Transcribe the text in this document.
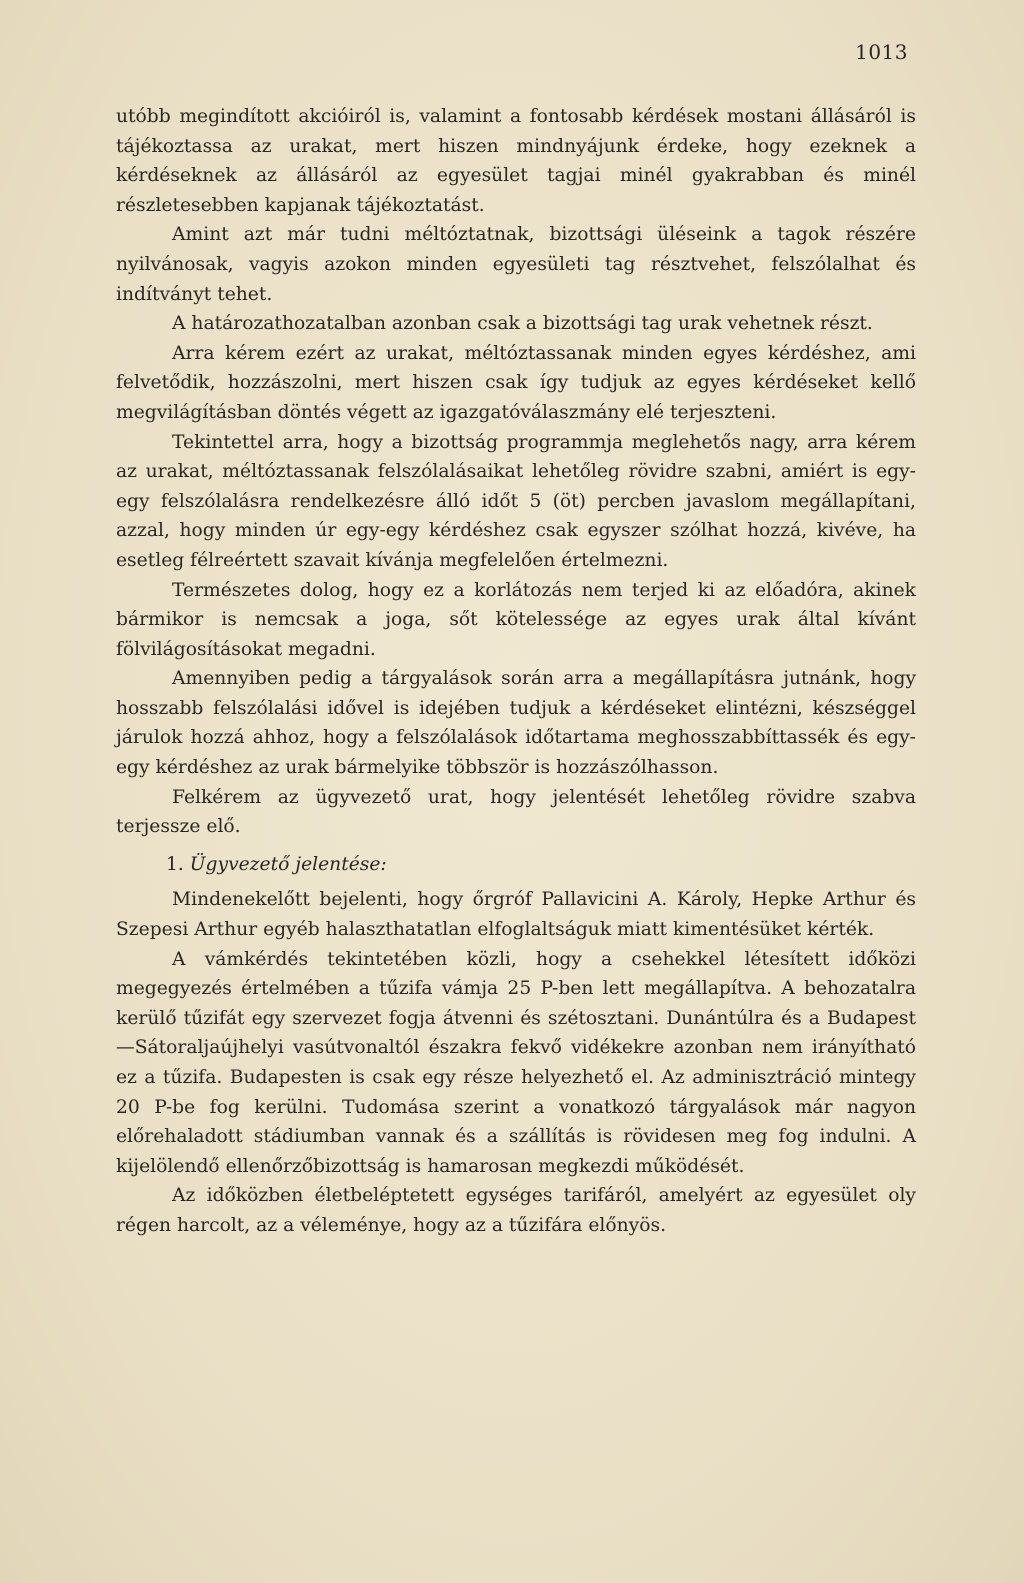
1013

utóbb megindított akcióiról is, valamint a fontosabb kérdések mostani állásáról is tájékoztassa az urakat, mert hiszen mindnyájunk érdeke, hogy ezeknek a kérdéseknek az állásáról az egyesület tagjai minél gyakrabban és minél részletesebben kapjanak tájékoztatást.

Amint azt már tudni méltóztatnak, bizottsági üléseink a tagok részére nyilvánosak, vagyis azokon minden egyesületi tag résztvehet, felszólalhat és indítványt tehet.

A határozathozatalban azonban csak a bizottsági tag urak vehetnek részt.

Arra kérem ezért az urakat, méltóztassanak minden egyes kérdéshez, ami felvetődik, hozzászolni, mert hiszen csak így tudjuk az egyes kérdéseket kellő megvilágításban döntés végett az igazgatóválaszmány elé terjeszteni.

Tekintettel arra, hogy a bizottság programmja meglehetős nagy, arra kérem az urakat, méltóztassanak felszólalásaikat lehetőleg rövidre szabni, amiért is egy-egy felszólalásra rendelkezésre álló időt 5 (öt) percben javaslom megállapítani, azzal, hogy minden úr egy-egy kérdéshez csak egyszer szólhat hozzá, kivéve, ha esetleg félreértett szavait kívánja megfelelően értelmezni.

Természetes dolog, hogy ez a korlátozás nem terjed ki az előadóra, akinek bármikor is nemcsak a joga, sőt kötelessége az egyes urak által kívánt fölvilágosításokat megadni.

Amennyiben pedig a tárgyalások során arra a megállapításra jutnánk, hogy hosszabb felszólalási idővel is idejében tudjuk a kérdéseket elintézni, készséggel járulok hozzá ahhoz, hogy a felszólalások időtartama meghosszabbíttassék és egy-egy kérdéshez az urak bármelyike többször is hozzászólhasson.

Felkérem az ügyvezető urat, hogy jelentését lehetőleg rövidre szabva terjessze elő.

1. Ügyvezető jelentése:

Mindenekelőtt bejelenti, hogy őrgróf Pallavicini A. Károly, Hepke Arthur és Szepesi Arthur egyéb halaszthatatlan elfoglaltságuk miatt kimentésüket kérték.

A vámkérdés tekintetében közli, hogy a csehekkel létesített időközi megegyezés értelmében a tűzifa vámja 25 P-ben lett megállapítva. A behozatalra kerülő tűzifát egy szervezet fogja átvenni és szétosztani. Dunántúlra és a Budapest—Sátoraljaújhelyi vasútvonaltól északra fekvő vidékekre azonban nem irányítható ez a tűzifa. Budapesten is csak egy része helyezhető el. Az adminisztráció mintegy 20 P-be fog kerülni. Tudomása szerint a vonatkozó tárgyalások már nagyon előrehaladott stádiumban vannak és a szállítás is rövidesen meg fog indulni. A kijelölendő ellenőrzőbizottság is hamarosan megkezdi működését.

Az időközben életbeléptetett egységes tarifáról, amelyért az egyesület oly régen harcolt, az a véleménye, hogy az a tűzifára előnyös.
